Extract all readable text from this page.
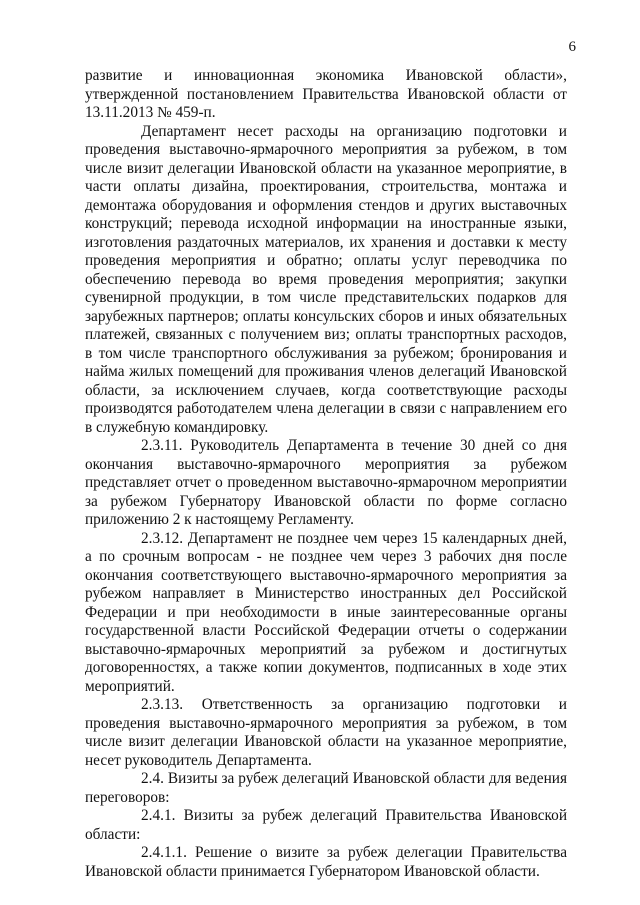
6

развитие и инновационная экономика Ивановской области», утвержденной постановлением Правительства Ивановской области от 13.11.2013 № 459-п.

Департамент несет расходы на организацию подготовки и проведения выставочно-ярмарочного мероприятия за рубежом, в том числе визит делегации Ивановской области на указанное мероприятие, в части оплаты дизайна, проектирования, строительства, монтажа и демонтажа оборудования и оформления стендов и других выставочных конструкций; перевода исходной информации на иностранные языки, изготовления раздаточных материалов, их хранения и доставки к месту проведения мероприятия и обратно; оплаты услуг переводчика по обеспечению перевода во время проведения мероприятия; закупки сувенирной продукции, в том числе представительских подарков для зарубежных партнеров; оплаты консульских сборов и иных обязательных платежей, связанных с получением виз; оплаты транспортных расходов, в том числе транспортного обслуживания за рубежом; бронирования и найма жилых помещений для проживания членов делегаций Ивановской области, за исключением случаев, когда соответствующие расходы производятся работодателем члена делегации в связи с направлением его в служебную командировку.

2.3.11. Руководитель Департамента в течение 30 дней со дня окончания выставочно-ярмарочного мероприятия за рубежом представляет отчет о проведенном выставочно-ярмарочном мероприятии за рубежом Губернатору Ивановской области по форме согласно приложению 2 к настоящему Регламенту.

2.3.12. Департамент не позднее чем через 15 календарных дней, а по срочным вопросам - не позднее чем через 3 рабочих дня после окончания соответствующего выставочно-ярмарочного мероприятия за рубежом направляет в Министерство иностранных дел Российской Федерации и при необходимости в иные заинтересованные органы государственной власти Российской Федерации отчеты о содержании выставочно-ярмарочных мероприятий за рубежом и достигнутых договоренностях, а также копии документов, подписанных в ходе этих мероприятий.

2.3.13. Ответственность за организацию подготовки и проведения выставочно-ярмарочного мероприятия за рубежом, в том числе визит делегации Ивановской области на указанное мероприятие, несет руководитель Департамента.

2.4. Визиты за рубеж делегаций Ивановской области для ведения переговоров:

2.4.1. Визиты за рубеж делегаций Правительства Ивановской области:

2.4.1.1. Решение о визите за рубеж делегации Правительства Ивановской области принимается Губернатором Ивановской области.
